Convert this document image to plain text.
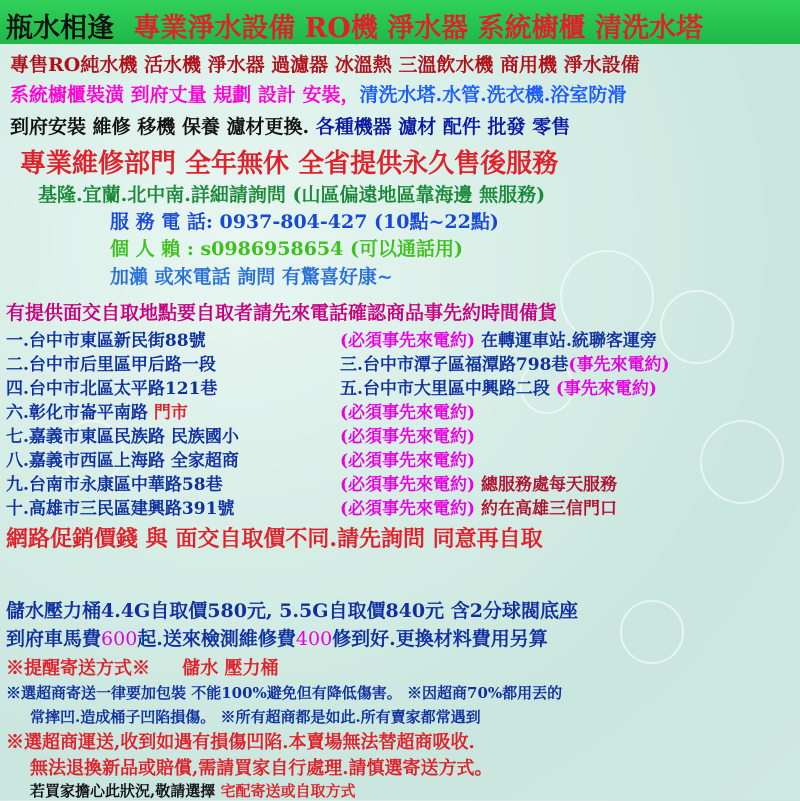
瓶水相逢 專業淨水設備 RO機 淨水器 系統櫥櫃 清洗水塔
專售RO純水機 活水機 淨水器 過濾器 冰溫熱 三溫飲水機 商用機 淨水設備
系統櫥櫃裝潢 到府丈量 規劃 設計 安裝，清洗水塔.水管.洗衣機.浴室防滑
到府安裝 維修 移機 保養 濾材更換. 各種機器 濾材 配件 批發 零售
專業維修部門 全年無休 全省提供永久售後服務
基隆.宜蘭.北中南.詳細請詢問 (山區偏遠地區靠海邊 無服務)
服 務 電 話: 0937-804-427 (10點~22點)
個 人 賴 : s0986958654 (可以通話用)
加瀨 或來電話 詢問 有驚喜好康~
有提供面交自取地點要自取者請先來電話確認商品事先約時間備貨
一.台中市東區新民街88號	(必須事先來電約) 在轉運車站.統聯客運旁
二.台中市后里區甲后路一段	三.台中市潭子區福潭路798巷(事先來電約)
四.台中市北區太平路121巷	五.台中市大里區中興路二段 (事先來電約)
六.彰化市崙平南路 門市	(必須事先來電約)
七.嘉義市東區民族路 民族國小	(必須事先來電約)
八.嘉義市西區上海路 全家超商	(必須事先來電約)
九.台南市永康區中華路58巷	(必須事先來電約) 總服務處每天服務
十.高雄市三民區建興路391號	(必須事先來電約) 約在高雄三信門口
網路促銷價錢 與 面交自取價不同.請先詢問 同意再自取
儲水壓力桶4.4G自取價580元, 5.5G自取價840元 含2分球閥底座
到府車馬費600起.送來檢測維修費400修到好.更換材料費用另算
※提醒寄送方式※ 儲水 壓力桶
※選超商寄送一律要加包裝 不能100%避免但有降低傷害。 ※因超商70%都用丟的
常摔凹.造成桶子凹陷損傷。 ※所有超商都是如此.所有賣家都常遇到
※選超商運送,收到如遇有損傷凹陷.本賣場無法替超商吸收.
無法退換新品或賠償,需請買家自行處理.請慎選寄送方式。
若買家擔心此狀況,敬請選擇 宅配寄送或自取方式
